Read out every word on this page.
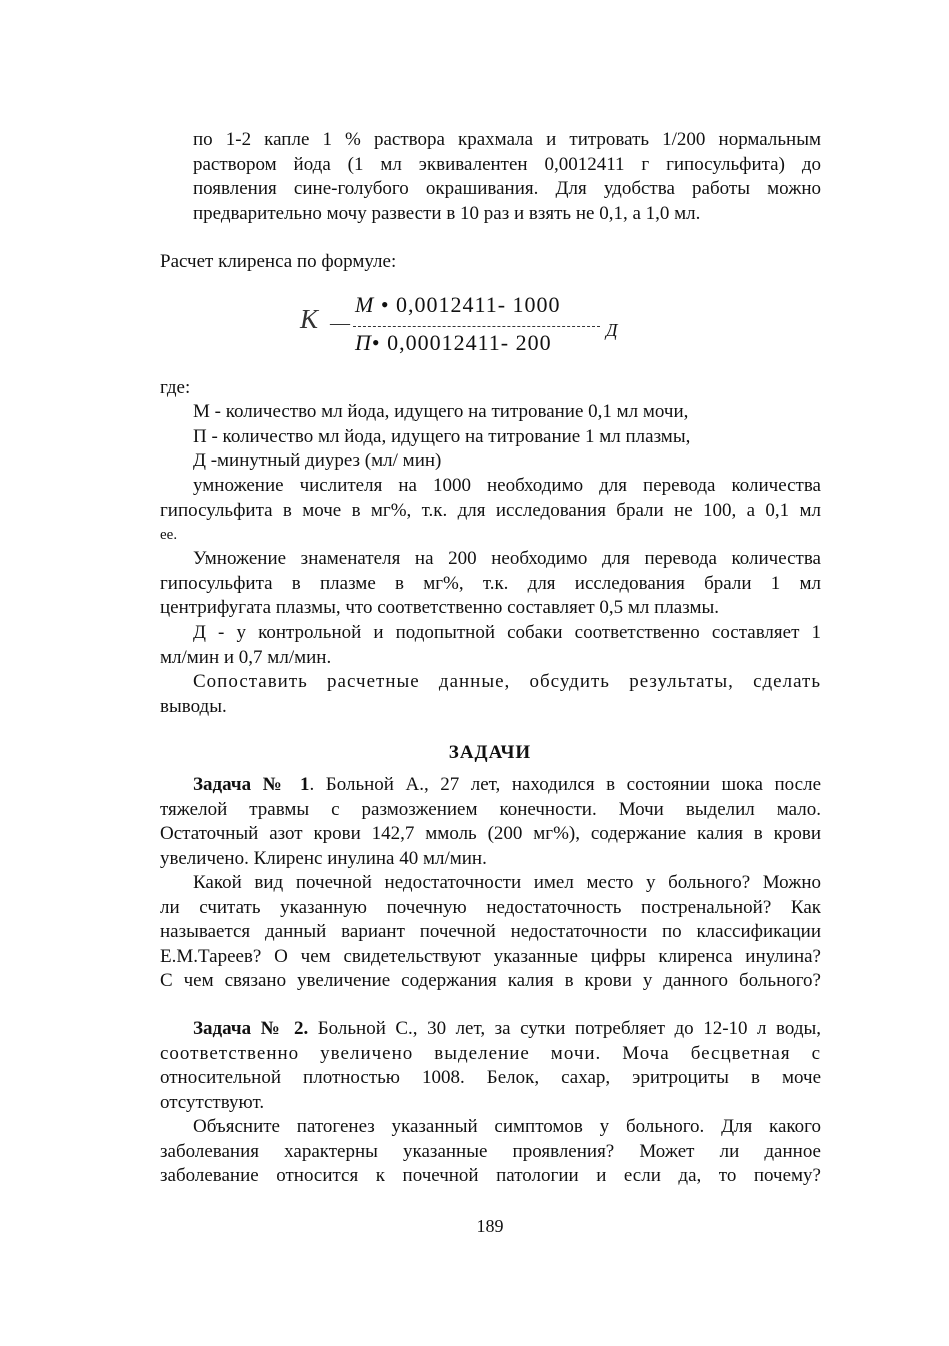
по 1-2 капле 1 % раствора крахмала и титровать 1/200 нормальным
раствором йода (1 мл эквивалентен 0,0012411 г гипосульфита) до
появления сине-голубого окрашивания. Для удобства работы можно
предварительно мочу развести в 10 раз и взять не 0,1, а 1,0 мл.
Расчет клиренса по формуле:
К —
М • 0,0012411- 1000
П• 0,00012411- 200	Д
где:
М - количество мл йода, идущего на титрование 0,1 мл мочи,
П - количество мл йода, идущего на титрование 1 мл плазмы,
Д -минутный диурез (мл/ мин)
умножение числителя на 1000 необходимо для перевода количества
гипосульфита в моче в мг%, т.к. для исследования брали не 100, а 0,1 мл
ее.
Умножение знаменателя на 200 необходимо для перевода количества
гипосульфита в плазме в мг%, т.к. для исследования брали 1 мл
центрифугата плазмы, что соответственно составляет 0,5 мл плазмы.
Д - у контрольной и подопытной собаки соответственно составляет 1
мл/мин и 0,7 мл/мин.
Сопоставить расчетные данные, обсудить результаты, сделать
выводы.
ЗАДАЧИ
Задача № 1. Больной А., 27 лет, находился в состоянии шока после
тяжелой травмы с размозжением конечности. Мочи выделил мало.
Остаточный азот крови 142,7 ммоль (200 мг%), содержание калия в крови
увеличено. Клиренс инулина 40 мл/мин.
Какой вид почечной недостаточности имел место у больного? Можно
ли считать указанную почечную недостаточность постренальной? Как
называется данный вариант почечной недостаточности по классификации
Е.М.Тареев? О чем свидетельствуют указанные цифры клиренса инулина?
С чем связано увеличение содержания калия в крови у данного больного?
Задача № 2. Больной С., 30 лет, за сутки потребляет до 12-10 л воды,
соответственно увеличено выделение мочи. Моча бесцветная с
относительной плотностью 1008. Белок, сахар, эритроциты в моче
отсутствуют.
Объясните патогенез указанный симптомов у больного. Для какого
заболевания характерны указанные проявления? Может ли данное
заболевание относится к почечной патологии и если да, то почему?
189
